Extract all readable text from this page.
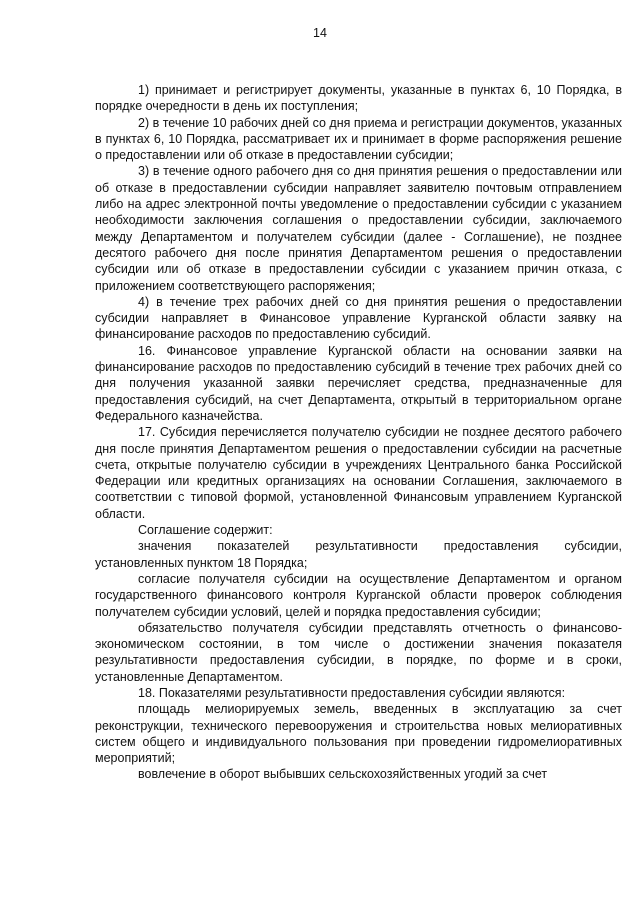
14

1) принимает и регистрирует документы, указанные в пунктах 6, 10 Порядка, в порядке очередности в день их поступления;

2) в течение 10 рабочих дней со дня приема и регистрации документов, указанных в пунктах 6, 10 Порядка, рассматривает их и принимает в форме распоряжения решение о предоставлении или об отказе в предоставлении субсидии;

3) в течение одного рабочего дня со дня принятия решения о предоставлении или об отказе в предоставлении субсидии направляет заявителю почтовым отправлением либо на адрес электронной почты уведомление о предоставлении субсидии с указанием необходимости заключения соглашения о предоставлении субсидии, заключаемого между Департаментом и получателем субсидии (далее - Соглашение), не позднее десятого рабочего дня после принятия Департаментом решения о предоставлении субсидии или об отказе в предоставлении субсидии с указанием причин отказа, с приложением соответствующего распоряжения;

4) в течение трех рабочих дней со дня принятия решения о предоставлении субсидии направляет в Финансовое управление Курганской области заявку на финансирование расходов по предоставлению субсидий.

16. Финансовое управление Курганской области на основании заявки на финансирование расходов по предоставлению субсидий в течение трех рабочих дней со дня получения указанной заявки перечисляет средства, предназначенные для предоставления субсидий, на счет Департамента, открытый в территориальном органе Федерального казначейства.

17. Субсидия перечисляется получателю субсидии не позднее десятого рабочего дня после принятия Департаментом решения о предоставлении субсидии на расчетные счета, открытые получателю субсидии в учреждениях Центрального банка Российской Федерации или кредитных организациях на основании Соглашения, заключаемого в соответствии с типовой формой, установленной Финансовым управлением Курганской области.

Соглашение содержит:

значения показателей результативности предоставления субсидии, установленных пунктом 18 Порядка;

согласие получателя субсидии на осуществление Департаментом и органом государственного финансового контроля Курганской области проверок соблюдения получателем субсидии условий, целей и порядка предоставления субсидии;

обязательство получателя субсидии представлять отчетность о финансово-экономическом состоянии, в том числе о достижении значения показателя результативности предоставления субсидии, в порядке, по форме и в сроки, установленные Департаментом.

18. Показателями результативности предоставления субсидии являются:

площадь мелиорируемых земель, введенных в эксплуатацию за счет реконструкции, технического перевооружения и строительства новых мелиоративных систем общего и индивидуального пользования при проведении гидромелиоративных мероприятий;

вовлечение в оборот выбывших сельскохозяйственных угодий за счет
